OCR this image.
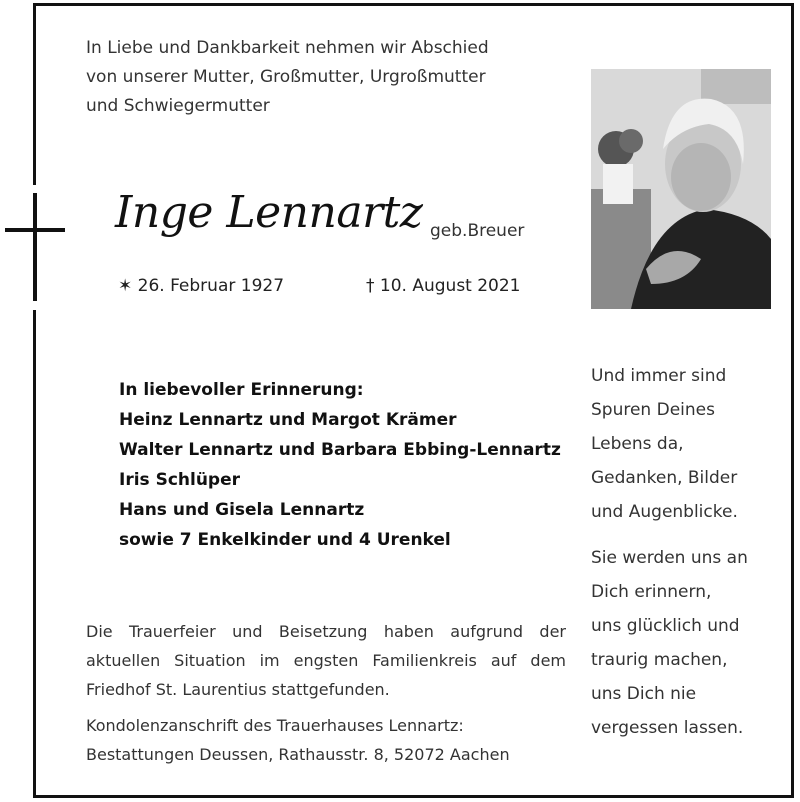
In Liebe und Dankbarkeit nehmen wir Abschied
von unserer Mutter, Großmutter, Urgroßmutter
und Schwiegermutter
Inge Lennartz geb.Breuer
✶ 26. Februar 1927	† 10. August 2021
In liebevoller Erinnerung:
Heinz Lennartz und Margot Krämer
Walter Lennartz und Barbara Ebbing-Lennartz
Iris Schlüper
Hans und Gisela Lennartz
sowie 7 Enkelkinder und 4 Urenkel

Und immer sind
Spuren Deines
Lebens da,
Gedanken, Bilder
und Augenblicke.

Sie werden uns an
Dich erinnern,
uns glücklich und
traurig machen,
uns Dich nie
vergessen lassen.

Die Trauerfeier und Beisetzung haben aufgrund der aktuellen Situation im engsten Familienkreis auf dem Friedhof St. Laurentius stattgefunden.
Kondolenzanschrift des Trauerhauses Lennartz:
Bestattungen Deussen, Rathausstr. 8, 52072 Aachen
